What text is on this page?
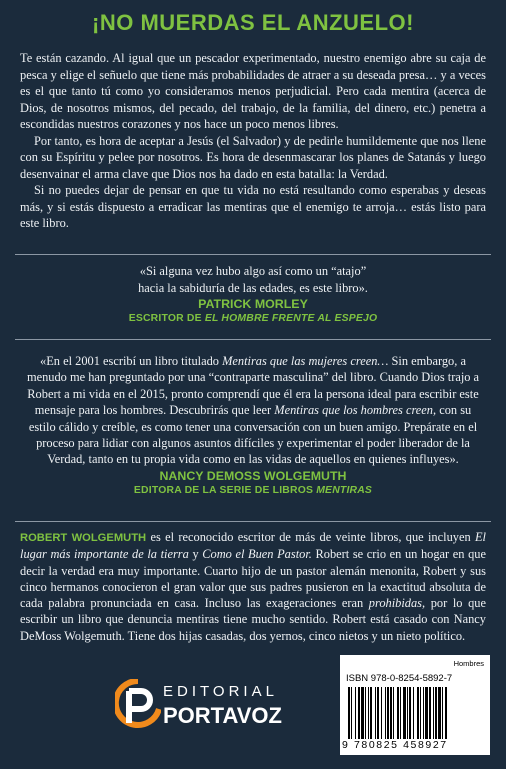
¡NO MUERDAS EL ANZUELO!

Te están cazando. Al igual que un pescador experimentado, nuestro enemigo abre su caja de pesca y elige el señuelo que tiene más probabilidades de atraer a su deseada presa… y a veces es el que tanto tú como yo consideramos menos perjudicial. Pero cada mentira (acerca de Dios, de nosotros mismos, del pecado, del trabajo, de la familia, del dinero, etc.) penetra a escondidas nuestros corazones y nos hace un poco menos libres.

Por tanto, es hora de aceptar a Jesús (el Salvador) y de pedirle humildemente que nos llene con su Espíritu y pelee por nosotros. Es hora de desenmascarar los planes de Satanás y luego desenvainar el arma clave que Dios nos ha dado en esta batalla: la Verdad.

Si no puedes dejar de pensar en que tu vida no está resultando como esperabas y deseas más, y si estás dispuesto a erradicar las mentiras que el enemigo te arroja… estás listo para este libro.

«Si alguna vez hubo algo así como un “atajo”
hacia la sabiduría de las edades, es este libro».
PATRICK MORLEY
ESCRITOR DE EL HOMBRE FRENTE AL ESPEJO
«En el 2001 escribí un libro titulado Mentiras que las mujeres creen… Sin embargo, a menudo me han preguntado por una “contraparte masculina” del libro. Cuando Dios trajo a Robert a mi vida en el 2015, pronto comprendí que él era la persona ideal para escribir este mensaje para los hombres. Descubrirás que leer Mentiras que los hombres creen, con su estilo cálido y creíble, es como tener una conversación con un buen amigo. Prepárate en el proceso para lidiar con algunos asuntos difíciles y experimentar el poder liberador de la Verdad, tanto en tu propia vida como en las vidas de aquellos en quienes influyes».
NANCY DEMOSS WOLGEMUTH
EDITORA DE LA SERIE DE LIBROS MENTIRAS
ROBERT WOLGEMUTH es el reconocido escritor de más de veinte libros, que incluyen El lugar más importante de la tierra y Como el Buen Pastor. Robert se crio en un hogar en que decir la verdad era muy importante. Cuarto hijo de un pastor alemán menonita, Robert y sus cinco hermanos conocieron el gran valor que sus padres pusieron en la exactitud absoluta de cada palabra pronunciada en casa. Incluso las exageraciones eran prohibidas, por lo que escribir un libro que denuncia mentiras tiene mucho sentido. Robert está casado con Nancy DeMoss Wolgemuth. Tiene dos hijas casadas, dos yernos, cinco nietos y un nieto político.
EDITORIAL
PORTAVOZ
Hombres
ISBN 978-0-8254-5892-7
9 780825 458927
